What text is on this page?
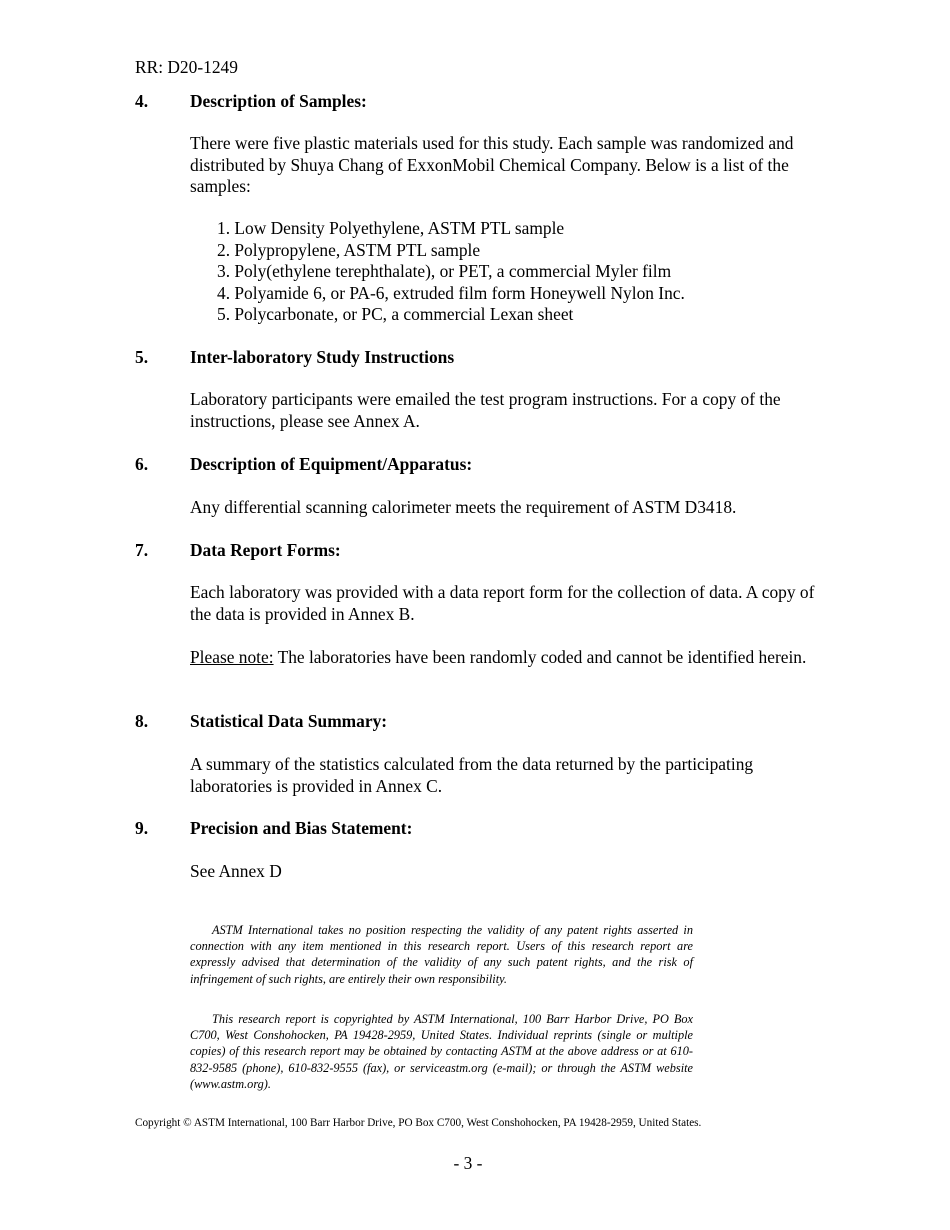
RR: D20-1249

4. Description of Samples:

There were five plastic materials used for this study. Each sample was randomized and distributed by Shuya Chang of ExxonMobil Chemical Company. Below is a list of the samples:

1. Low Density Polyethylene, ASTM PTL sample
2. Polypropylene, ASTM PTL sample
3. Poly(ethylene terephthalate), or PET, a commercial Myler film
4. Polyamide 6, or PA-6, extruded film form Honeywell Nylon Inc.
5. Polycarbonate, or PC, a commercial Lexan sheet
5. Inter-laboratory Study Instructions

Laboratory participants were emailed the test program instructions. For a copy of the instructions, please see Annex A.

6. Description of Equipment/Apparatus:

Any differential scanning calorimeter meets the requirement of ASTM D3418.

7. Data Report Forms:

Each laboratory was provided with a data report form for the collection of data. A copy of the data is provided in Annex B.

Please note: The laboratories have been randomly coded and cannot be identified herein.

8. Statistical Data Summary:

A summary of the statistics calculated from the data returned by the participating laboratories is provided in Annex C.

9. Precision and Bias Statement:

See Annex D

ASTM International takes no position respecting the validity of any patent rights asserted in connection with any item mentioned in this research report. Users of this research report are expressly advised that determination of the validity of any such patent rights, and the risk of infringement of such rights, are entirely their own responsibility.

This research report is copyrighted by ASTM International, 100 Barr Harbor Drive, PO Box C700, West Conshohocken, PA 19428-2959, United States. Individual reprints (single or multiple copies) of this research report may be obtained by contacting ASTM at the above address or at 610-832-9585 (phone), 610-832-9555 (fax), or serviceastm.org (e-mail); or through the ASTM website (www.astm.org).

Copyright © ASTM International, 100 Barr Harbor Drive, PO Box C700, West Conshohocken, PA 19428-2959, United States.

- 3 -
